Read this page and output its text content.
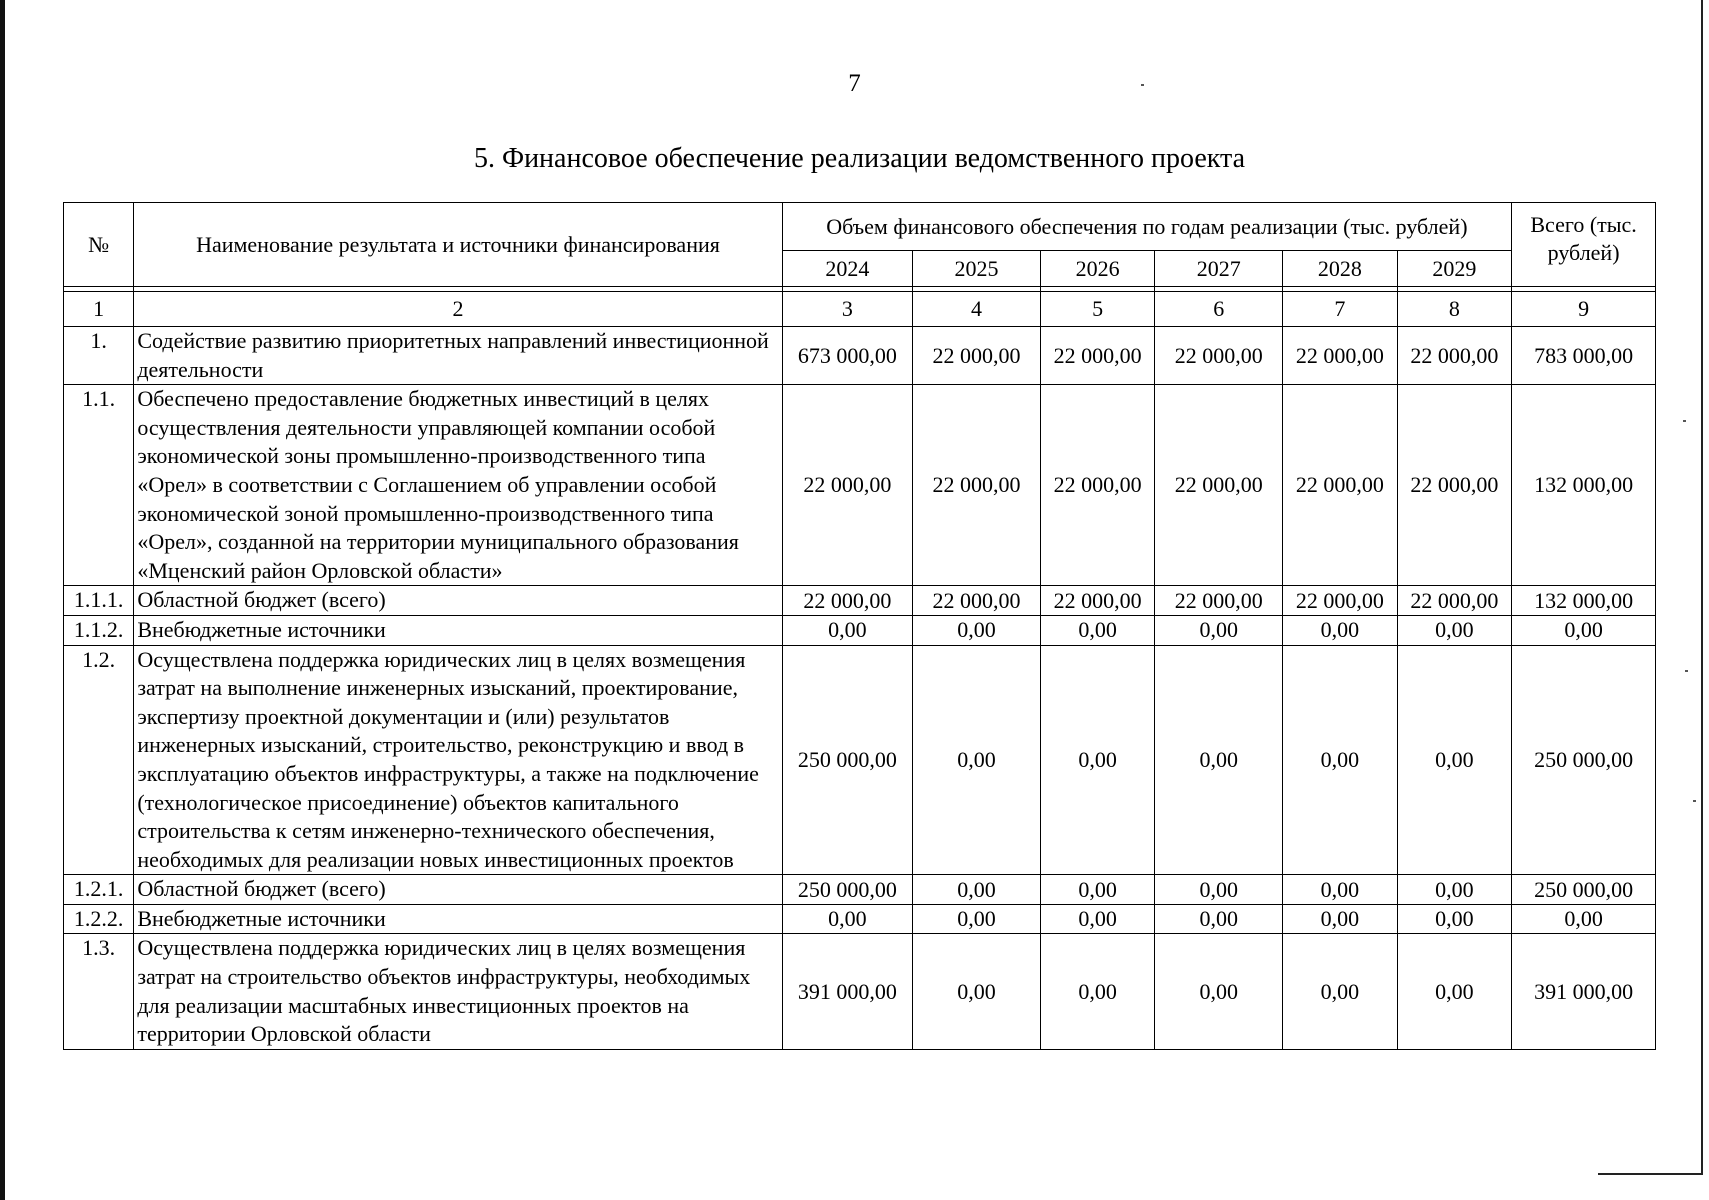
7
5. Финансовое обеспечение реализации ведомственного проекта
№	Наименование результата и источники финансирования	Объем финансового обеспечения по годам реализации (тыс. рублей)						Всего (тыс. рублей)
		2024	2025	2026	2027	2028	2029	

1	2	3	4	5	6	7	8	9
1.	Содействие развитию приоритетных направлений инвестиционной деятельности	673 000,00	22 000,00	22 000,00	22 000,00	22 000,00	22 000,00	783 000,00
1.1.	Обеспечено предоставление бюджетных инвестиций в целях осуществления деятельности управляющей компании особой экономической зоны промышленно-производственного типа «Орел» в соответствии с Соглашением об управлении особой экономической зоной промышленно-производственного типа «Орел», созданной на территории муниципального образования «Мценский район Орловской области»	22 000,00	22 000,00	22 000,00	22 000,00	22 000,00	22 000,00	132 000,00
1.1.1.	Областной бюджет (всего)	22 000,00	22 000,00	22 000,00	22 000,00	22 000,00	22 000,00	132 000,00
1.1.2.	Внебюджетные источники	0,00	0,00	0,00	0,00	0,00	0,00	0,00
1.2.	Осуществлена поддержка юридических лиц в целях возмещения затрат на выполнение инженерных изысканий, проектирование, экспертизу проектной документации и (или) результатов инженерных изысканий, строительство, реконструкцию и ввод в эксплуатацию объектов инфраструктуры, а также на подключение (технологическое присоединение) объектов капитального строительства к сетям инженерно-технического обеспечения, необходимых для реализации новых инвестиционных проектов	250 000,00	0,00	0,00	0,00	0,00	0,00	250 000,00
1.2.1.	Областной бюджет (всего)	250 000,00	0,00	0,00	0,00	0,00	0,00	250 000,00
1.2.2.	Внебюджетные источники	0,00	0,00	0,00	0,00	0,00	0,00	0,00
1.3.	Осуществлена поддержка юридических лиц в целях возмещения затрат на строительство объектов инфраструктуры, необходимых для реализации масштабных инвестиционных проектов на территории Орловской области	391 000,00	0,00	0,00	0,00	0,00	0,00	391 000,00
